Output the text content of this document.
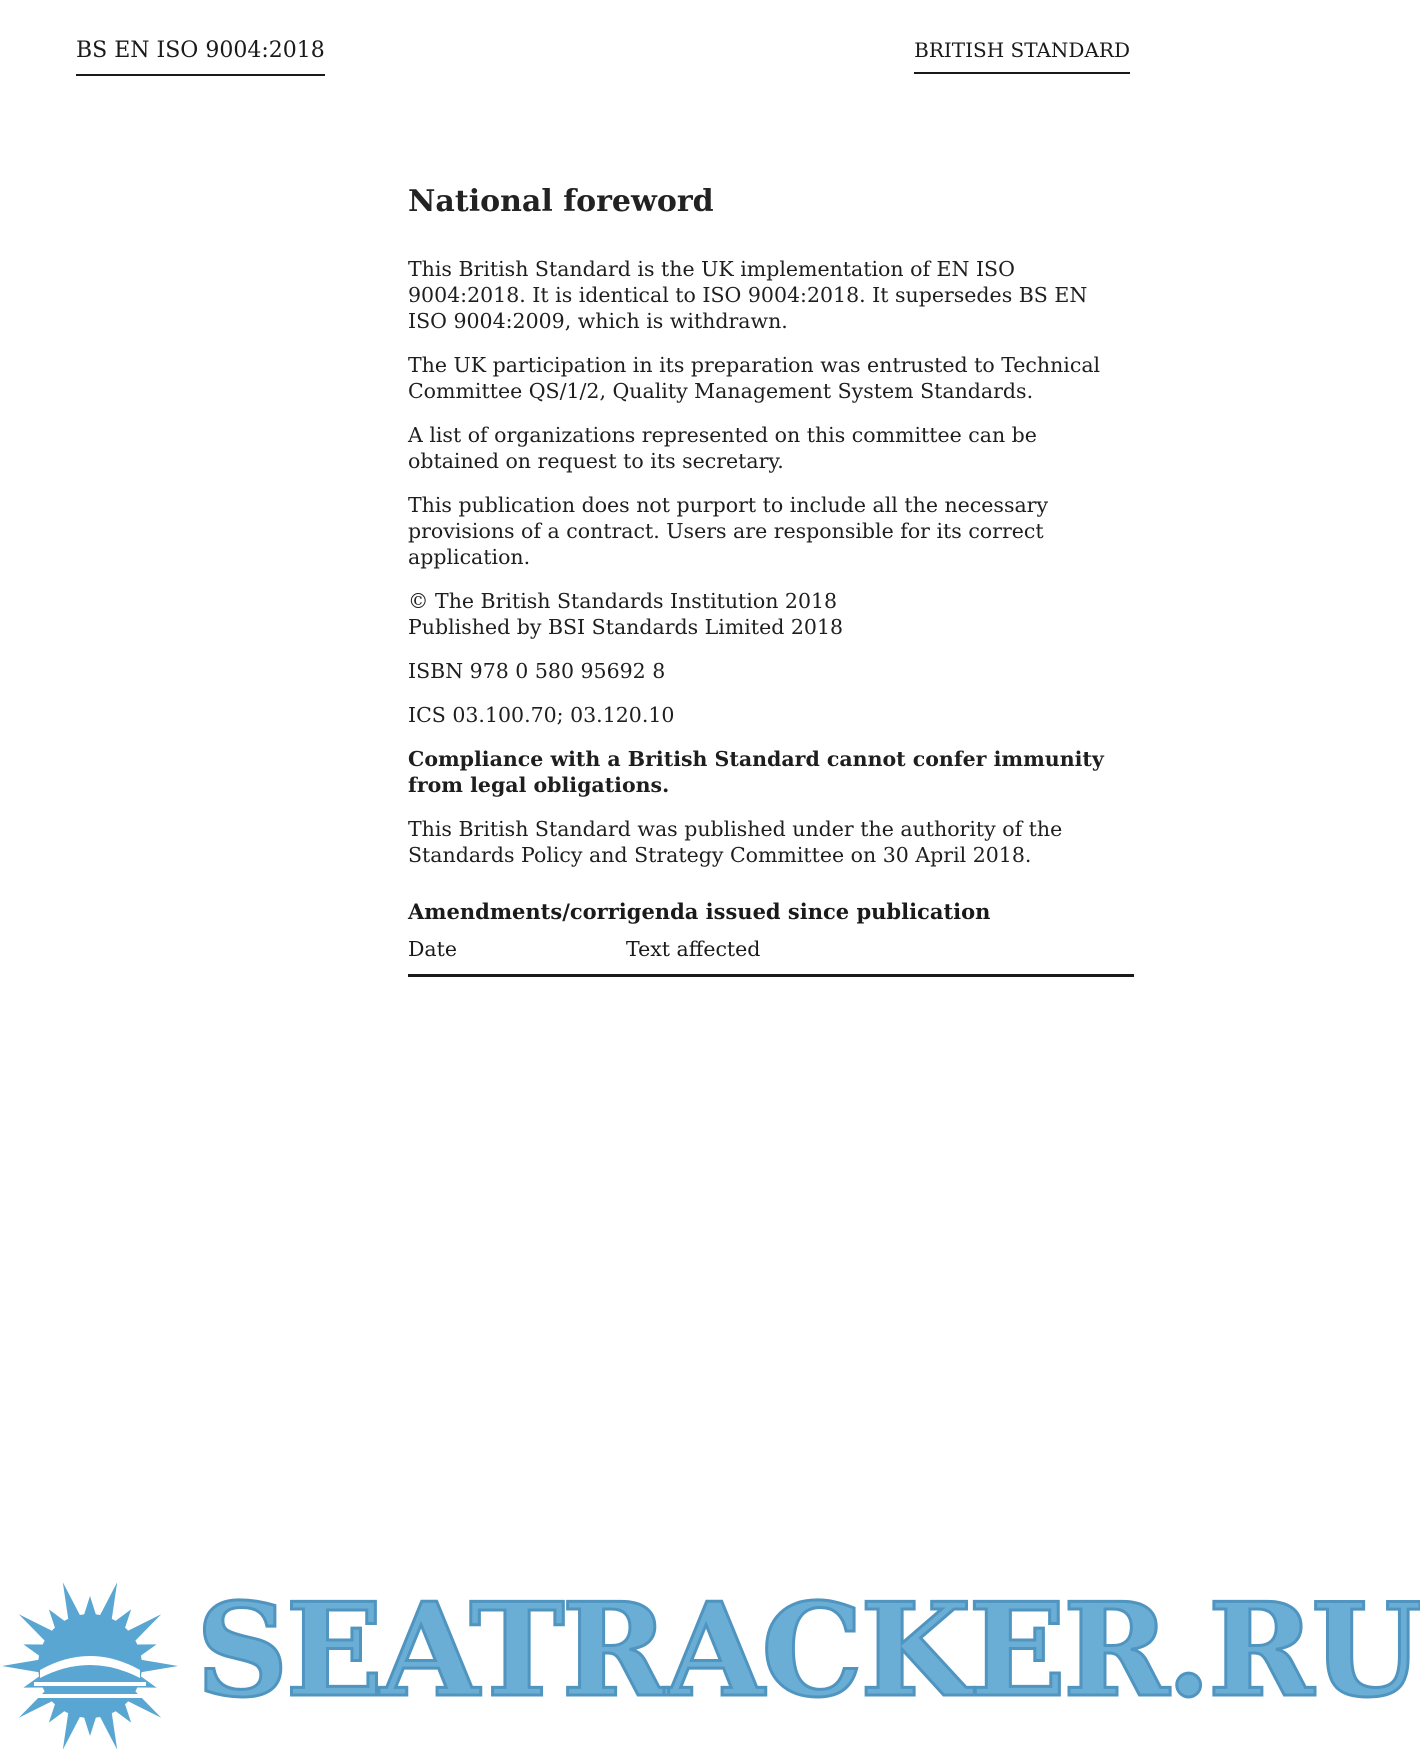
BS EN ISO 9004:2018	BRITISH STANDARD
National foreword

This British Standard is the UK implementation of EN ISO 9004:2018. It is identical to ISO 9004:2018. It supersedes BS EN ISO 9004:2009, which is withdrawn.

The UK participation in its preparation was entrusted to Technical Committee QS/1/2, Quality Management System Standards.

A list of organizations represented on this committee can be obtained on request to its secretary.

This publication does not purport to include all the necessary provisions of a contract. Users are responsible for its correct application.

© The British Standards Institution 2018
Published by BSI Standards Limited 2018

ISBN 978 0 580 95692 8

ICS 03.100.70; 03.120.10

Compliance with a British Standard cannot confer immunity from legal obligations.

This British Standard was published under the authority of the Standards Policy and Strategy Committee on 30 April 2018.

Amendments/corrigenda issued since publication
Date	Text affected
SEATRACKER.RU
